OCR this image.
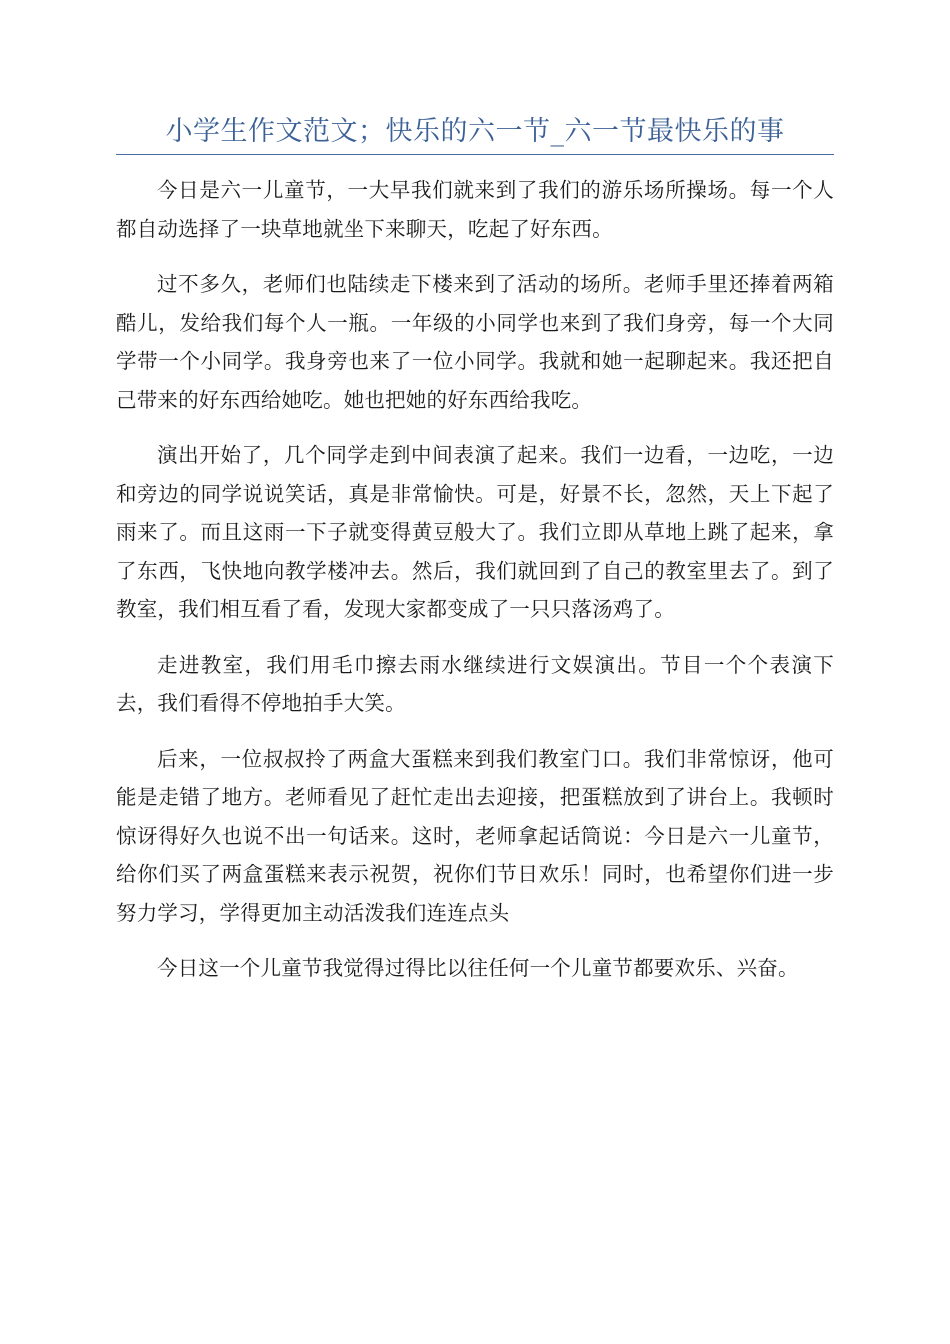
小学生作文范文；快乐的六一节_六一节最快乐的事

今日是六一儿童节，一大早我们就来到了我们的游乐场所操场。每一个人都自动选择了一块草地就坐下来聊天，吃起了好东西。

过不多久，老师们也陆续走下楼来到了活动的场所。老师手里还捧着两箱酷儿，发给我们每个人一瓶。一年级的小同学也来到了我们身旁，每一个大同学带一个小同学。我身旁也来了一位小同学。我就和她一起聊起来。我还把自己带来的好东西给她吃。她也把她的好东西给我吃。

演出开始了，几个同学走到中间表演了起来。我们一边看，一边吃，一边和旁边的同学说说笑话，真是非常愉快。可是，好景不长，忽然，天上下起了雨来了。而且这雨一下子就变得黄豆般大了。我们立即从草地上跳了起来，拿了东西，飞快地向教学楼冲去。然后，我们就回到了自己的教室里去了。到了教室，我们相互看了看，发现大家都变成了一只只落汤鸡了。

走进教室，我们用毛巾擦去雨水继续进行文娱演出。节目一个个表演下去，我们看得不停地拍手大笑。

后来，一位叔叔拎了两盒大蛋糕来到我们教室门口。我们非常惊讶，他可能是走错了地方。老师看见了赶忙走出去迎接，把蛋糕放到了讲台上。我顿时惊讶得好久也说不出一句话来。这时，老师拿起话筒说：今日是六一儿童节，给你们买了两盒蛋糕来表示祝贺，祝你们节日欢乐！同时，也希望你们进一步努力学习，学得更加主动活泼我们连连点头

今日这一个儿童节我觉得过得比以往任何一个儿童节都要欢乐、兴奋。
